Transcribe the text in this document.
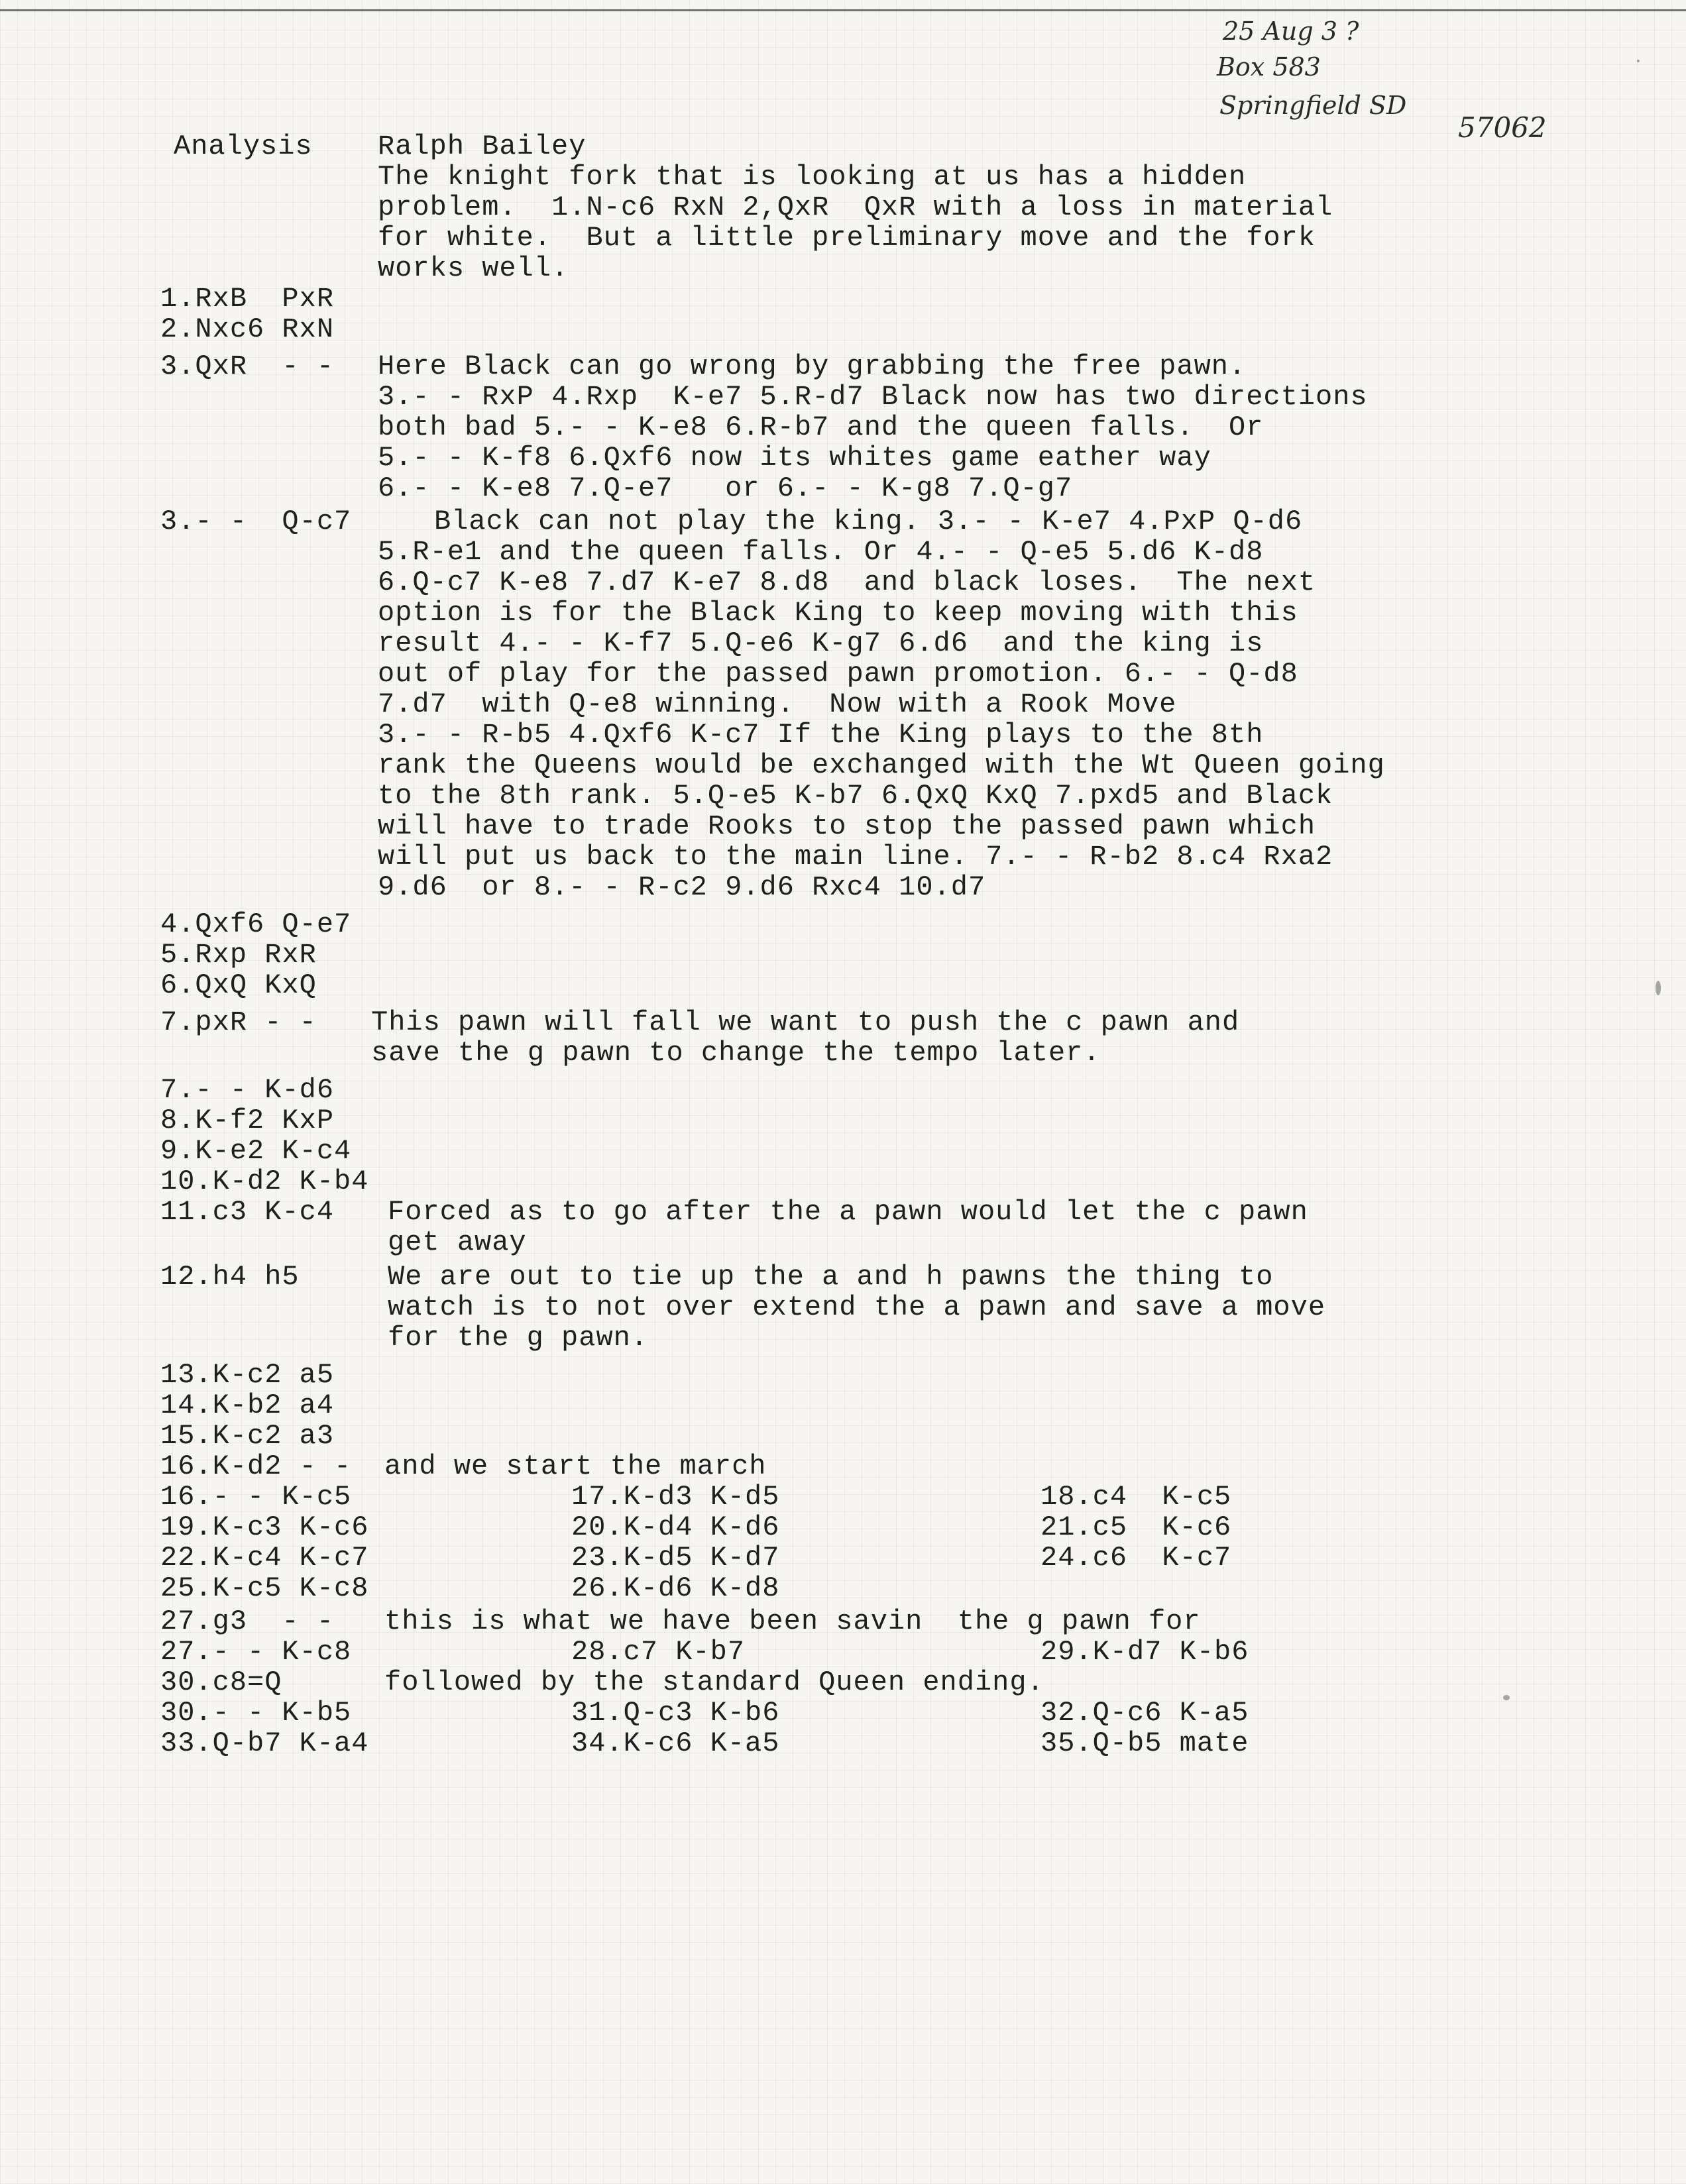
25 Aug 3 ?
Box 583
Springfield SD
57062
Analysis Ralph Bailey
The knight fork that is looking at us has a hidden
problem.  1.N-c6 RxN 2,QxR  QxR with a loss in material
for white.  But a little preliminary move and the fork
works well.
1.RxB  PxR
2.Nxc6 RxN
3.QxR  - - Here Black can go wrong by grabbing the free pawn.
3.- - RxP 4.Rxp  K-e7 5.R-d7 Black now has two directions
both bad 5.- - K-e8 6.R-b7 and the queen falls.  Or
5.- - K-f8 6.Qxf6 now its whites game eather way
6.- - K-e8 7.Q-e7   or 6.- - K-g8 7.Q-g7
3.- -  Q-c7	Black can not play the king. 3.- - K-e7 4.PxP Q-d6
5.R-e1 and the queen falls. Or 4.- - Q-e5 5.d6 K-d8
6.Q-c7 K-e8 7.d7 K-e7 8.d8  and black loses.  The next
option is for the Black King to keep moving with this
result 4.- - K-f7 5.Q-e6 K-g7 6.d6  and the king is
out of play for the passed pawn promotion. 6.- - Q-d8
7.d7  with Q-e8 winning.  Now with a Rook Move
3.- - R-b5 4.Qxf6 K-c7 If the King plays to the 8th
rank the Queens would be exchanged with the Wt Queen going
to the 8th rank. 5.Q-e5 K-b7 6.QxQ KxQ 7.pxd5 and Black
will have to trade Rooks to stop the passed pawn which
will put us back to the main line. 7.- - R-b2 8.c4 Rxa2
9.d6  or 8.- - R-c2 9.d6 Rxc4 10.d7
4.Qxf6 Q-e7
5.Rxp RxR
6.QxQ KxQ
7.pxR - - This pawn will fall we want to push the c pawn and
save the g pawn to change the tempo later.
7.- - K-d6
8.K-f2 KxP
9.K-e2 K-c4
10.K-d2 K-b4
11.c3 K-c4 Forced as to go after the a pawn would let the c pawn
get away
12.h4 h5	We are out to tie up the a and h pawns the thing to
watch is to not over extend the a pawn and save a move
for the g pawn.
13.K-c2 a5
14.K-b2 a4
15.K-c2 a3
16.K-d2 - - and we start the march
16.- - K-c5	17.K-d3 K-d5	18.c4  K-c5
19.K-c3 K-c6	20.K-d4 K-d6	21.c5  K-c6
22.K-c4 K-c7	23.K-d5 K-d7	24.c6  K-c7
25.K-c5 K-c8	26.K-d6 K-d8
27.g3  - - this is what we have been savin  the g pawn for
27.- - K-c8	28.c7 K-b7	29.K-d7 K-b6
30.c8=Q	followed by the standard Queen ending.
30.- - K-b5	31.Q-c3 K-b6	32.Q-c6 K-a5
33.Q-b7 K-a4	34.K-c6 K-a5	35.Q-b5 mate
